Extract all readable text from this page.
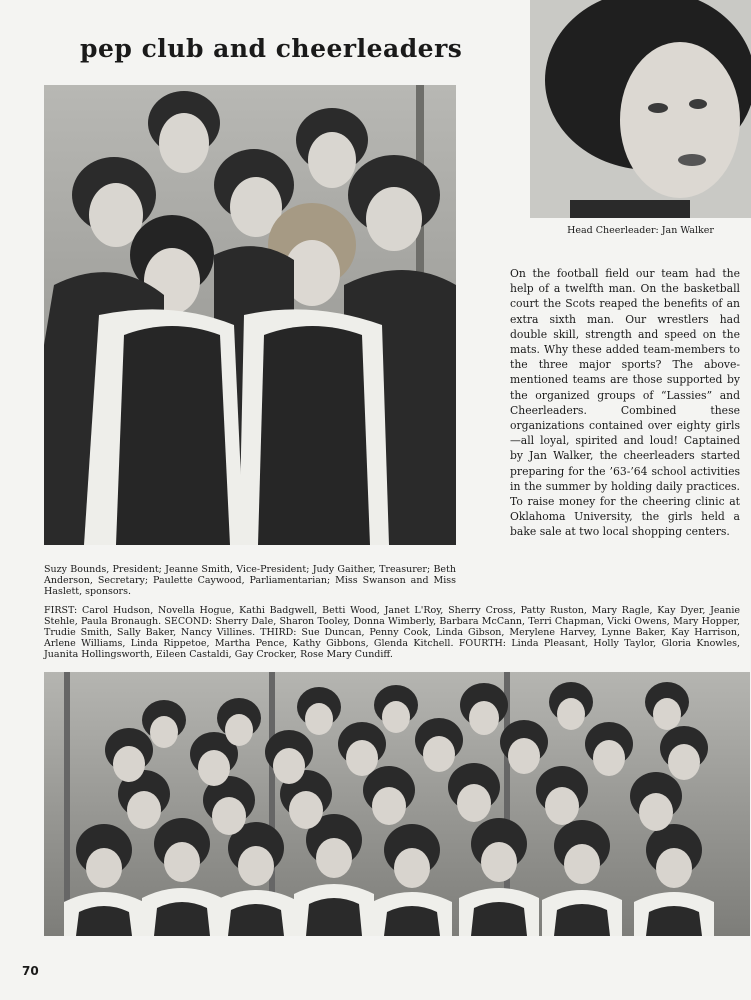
pep club and cheerleaders

Head Cheerleader: Jan Walker

On the football field our team had the help of a twelfth man. On the basketball court the Scots reaped the benefits of an extra sixth man. Our wrestlers had double skill, strength and speed on the mats. Why these added team-members to the three major sports? The above-mentioned teams are those supported by the organized groups of “Lassies” and Cheerleaders. Combined these organizations contained over eighty girls—all loyal, spirited and loud! Captained by Jan Walker, the cheerleaders started preparing for the ’63-’64 school activities in the summer by holding daily practices. To raise money for the cheering clinic at Oklahoma University, the girls held a bake sale at two local shopping centers.

Suzy Bounds, President; Jeanne Smith, Vice-President; Judy Gaither, Treasurer; Beth Anderson, Secretary; Paulette Caywood, Parliamentarian; Miss Swanson and Miss Haslett, sponsors.

FIRST: Carol Hudson, Novella Hogue, Kathi Badgwell, Betti Wood, Janet L'Roy, Sherry Cross, Patty Ruston, Mary Ragle, Kay Dyer, Jeanie Stehle, Paula Bronaugh. SECOND: Sherry Dale, Sharon Tooley, Donna Wimberly, Barbara McCann, Terri Chapman, Vicki Owens, Mary Hopper, Trudie Smith, Sally Baker, Nancy Villines. THIRD: Sue Duncan, Penny Cook, Linda Gibson, Merylene Harvey, Lynne Baker, Kay Harrison, Arlene Williams, Linda Rippetoe, Martha Pence, Kathy Gibbons, Glenda Kitchell. FOURTH: Linda Pleasant, Holly Taylor, Gloria Knowles, Juanita Hollingsworth, Eileen Castaldi, Gay Crocker, Rose Mary Cundiff.

70
